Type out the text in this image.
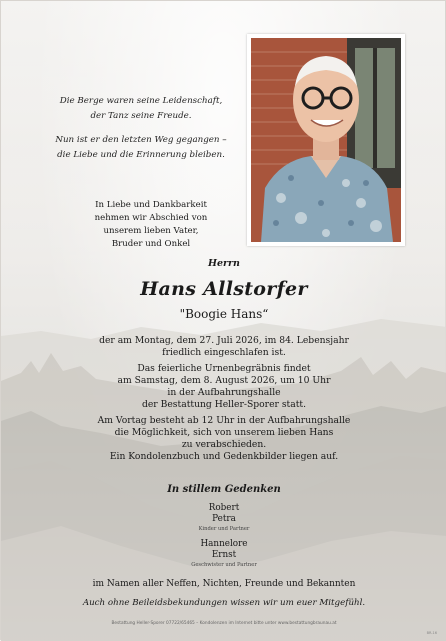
Die Berge waren seine Leidenschaft,
der Tanz seine Freude.
Nun ist er den letzten Weg gegangen –
die Liebe und die Erinnerung bleiben.
In Liebe und Dankbarkeit
nehmen wir Abschied von
unserem lieben Vater,
Bruder und Onkel
Herrn
Hans Allstorfer
"Boogie Hans“
der am Montag, dem 27. Juli 2026, im 84. Lebensjahr
friedlich eingeschlafen ist.
Das feierliche Urnenbegräbnis findet
am Samstag, dem 8. August 2026, um 10 Uhr
in der Aufbahrungshalle
der Bestattung Heller-Sporer statt.
Am Vortag besteht ab 12 Uhr in der Aufbahrungshalle
die Möglichkeit, sich von unserem lieben Hans
zu verabschieden.
Ein Kondolenzbuch und Gedenkbilder liegen auf.
In stillem Gedenken
Robert
Petra
Kinder und Partner
Hannelore
Ernst
Geschwister und Partner
im Namen aller Neffen, Nichten, Freunde und Bekannten
Auch ohne Beileidsbekundungen wissen wir um euer Mitgefühl.
Bestattung Heller-Sporer 07722/65465 – Kondolenzen im Internet bitte unter www.bestattungbraunau.at
BR-16
